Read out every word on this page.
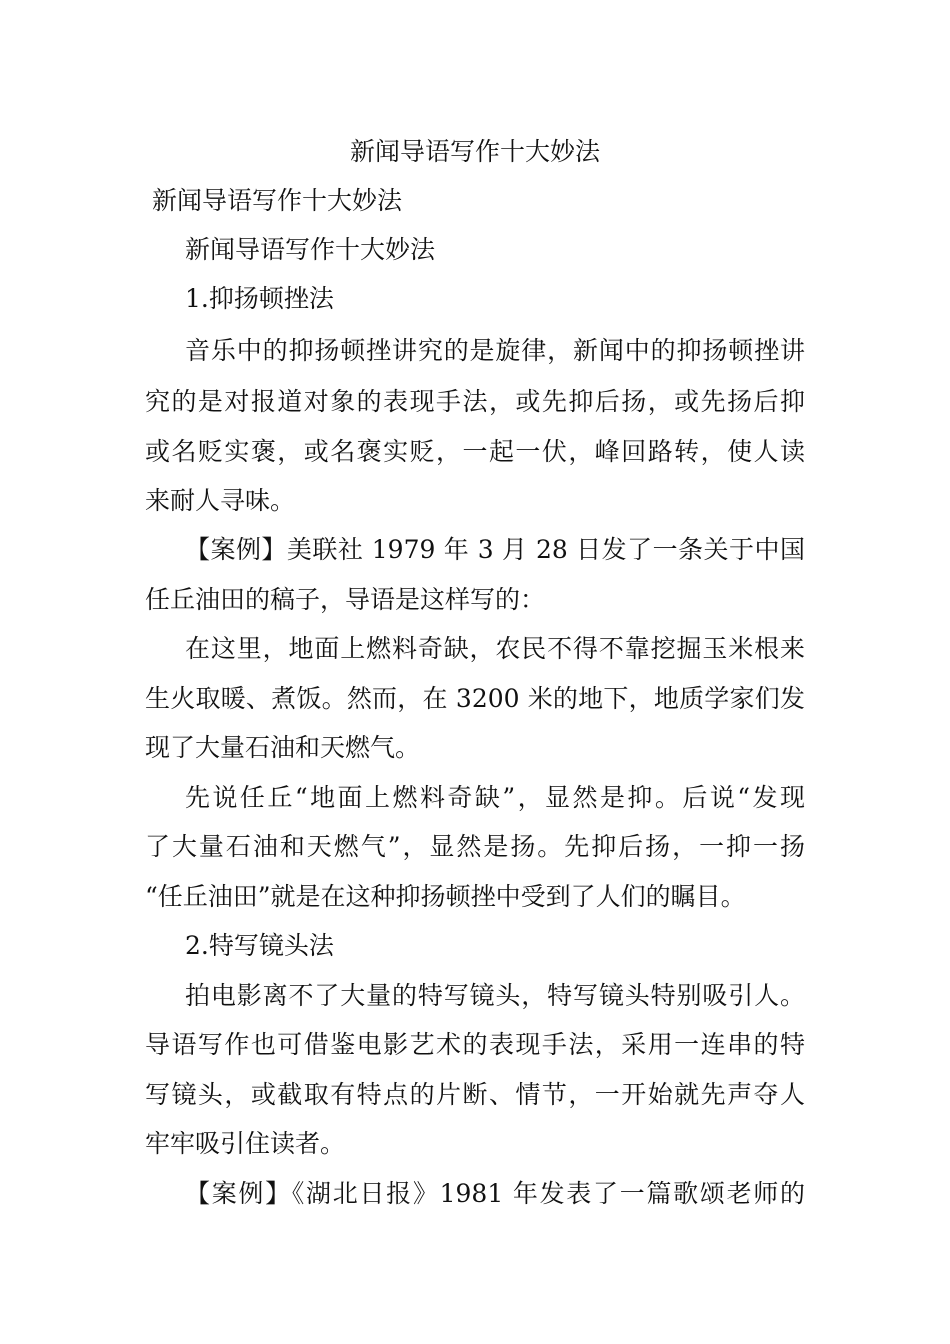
新闻导语写作十大妙法

新闻导语写作十大妙法

新闻导语写作十大妙法

1.抑扬顿挫法

音乐中的抑扬顿挫讲究的是旋律，新闻中的抑扬顿挫讲

究的是对报道对象的表现手法，或先抑后扬，或先扬后抑

或名贬实褒，或名褒实贬，一起一伏，峰回路转，使人读

来耐人寻味。

【案例】美联社 1979 年 3 月 28 日发了一条关于中国

任丘油田的稿子，导语是这样写的：

在这里，地面上燃料奇缺，农民不得不靠挖掘玉米根来

生火取暖、煮饭。然而，在 3200 米的地下，地质学家们发

现了大量石油和天燃气。

先说任丘“地面上燃料奇缺”，显然是抑。后说“发现

了大量石油和天燃气”，显然是扬。先抑后扬，一抑一扬

“任丘油田”就是在这种抑扬顿挫中受到了人们的瞩目。

2.特写镜头法

拍电影离不了大量的特写镜头，特写镜头特别吸引人。

导语写作也可借鉴电影艺术的表现手法，采用一连串的特

写镜头，或截取有特点的片断、情节，一开始就先声夺人

牢牢吸引住读者。

【案例】《湖北日报》1981 年发表了一篇歌颂老师的
